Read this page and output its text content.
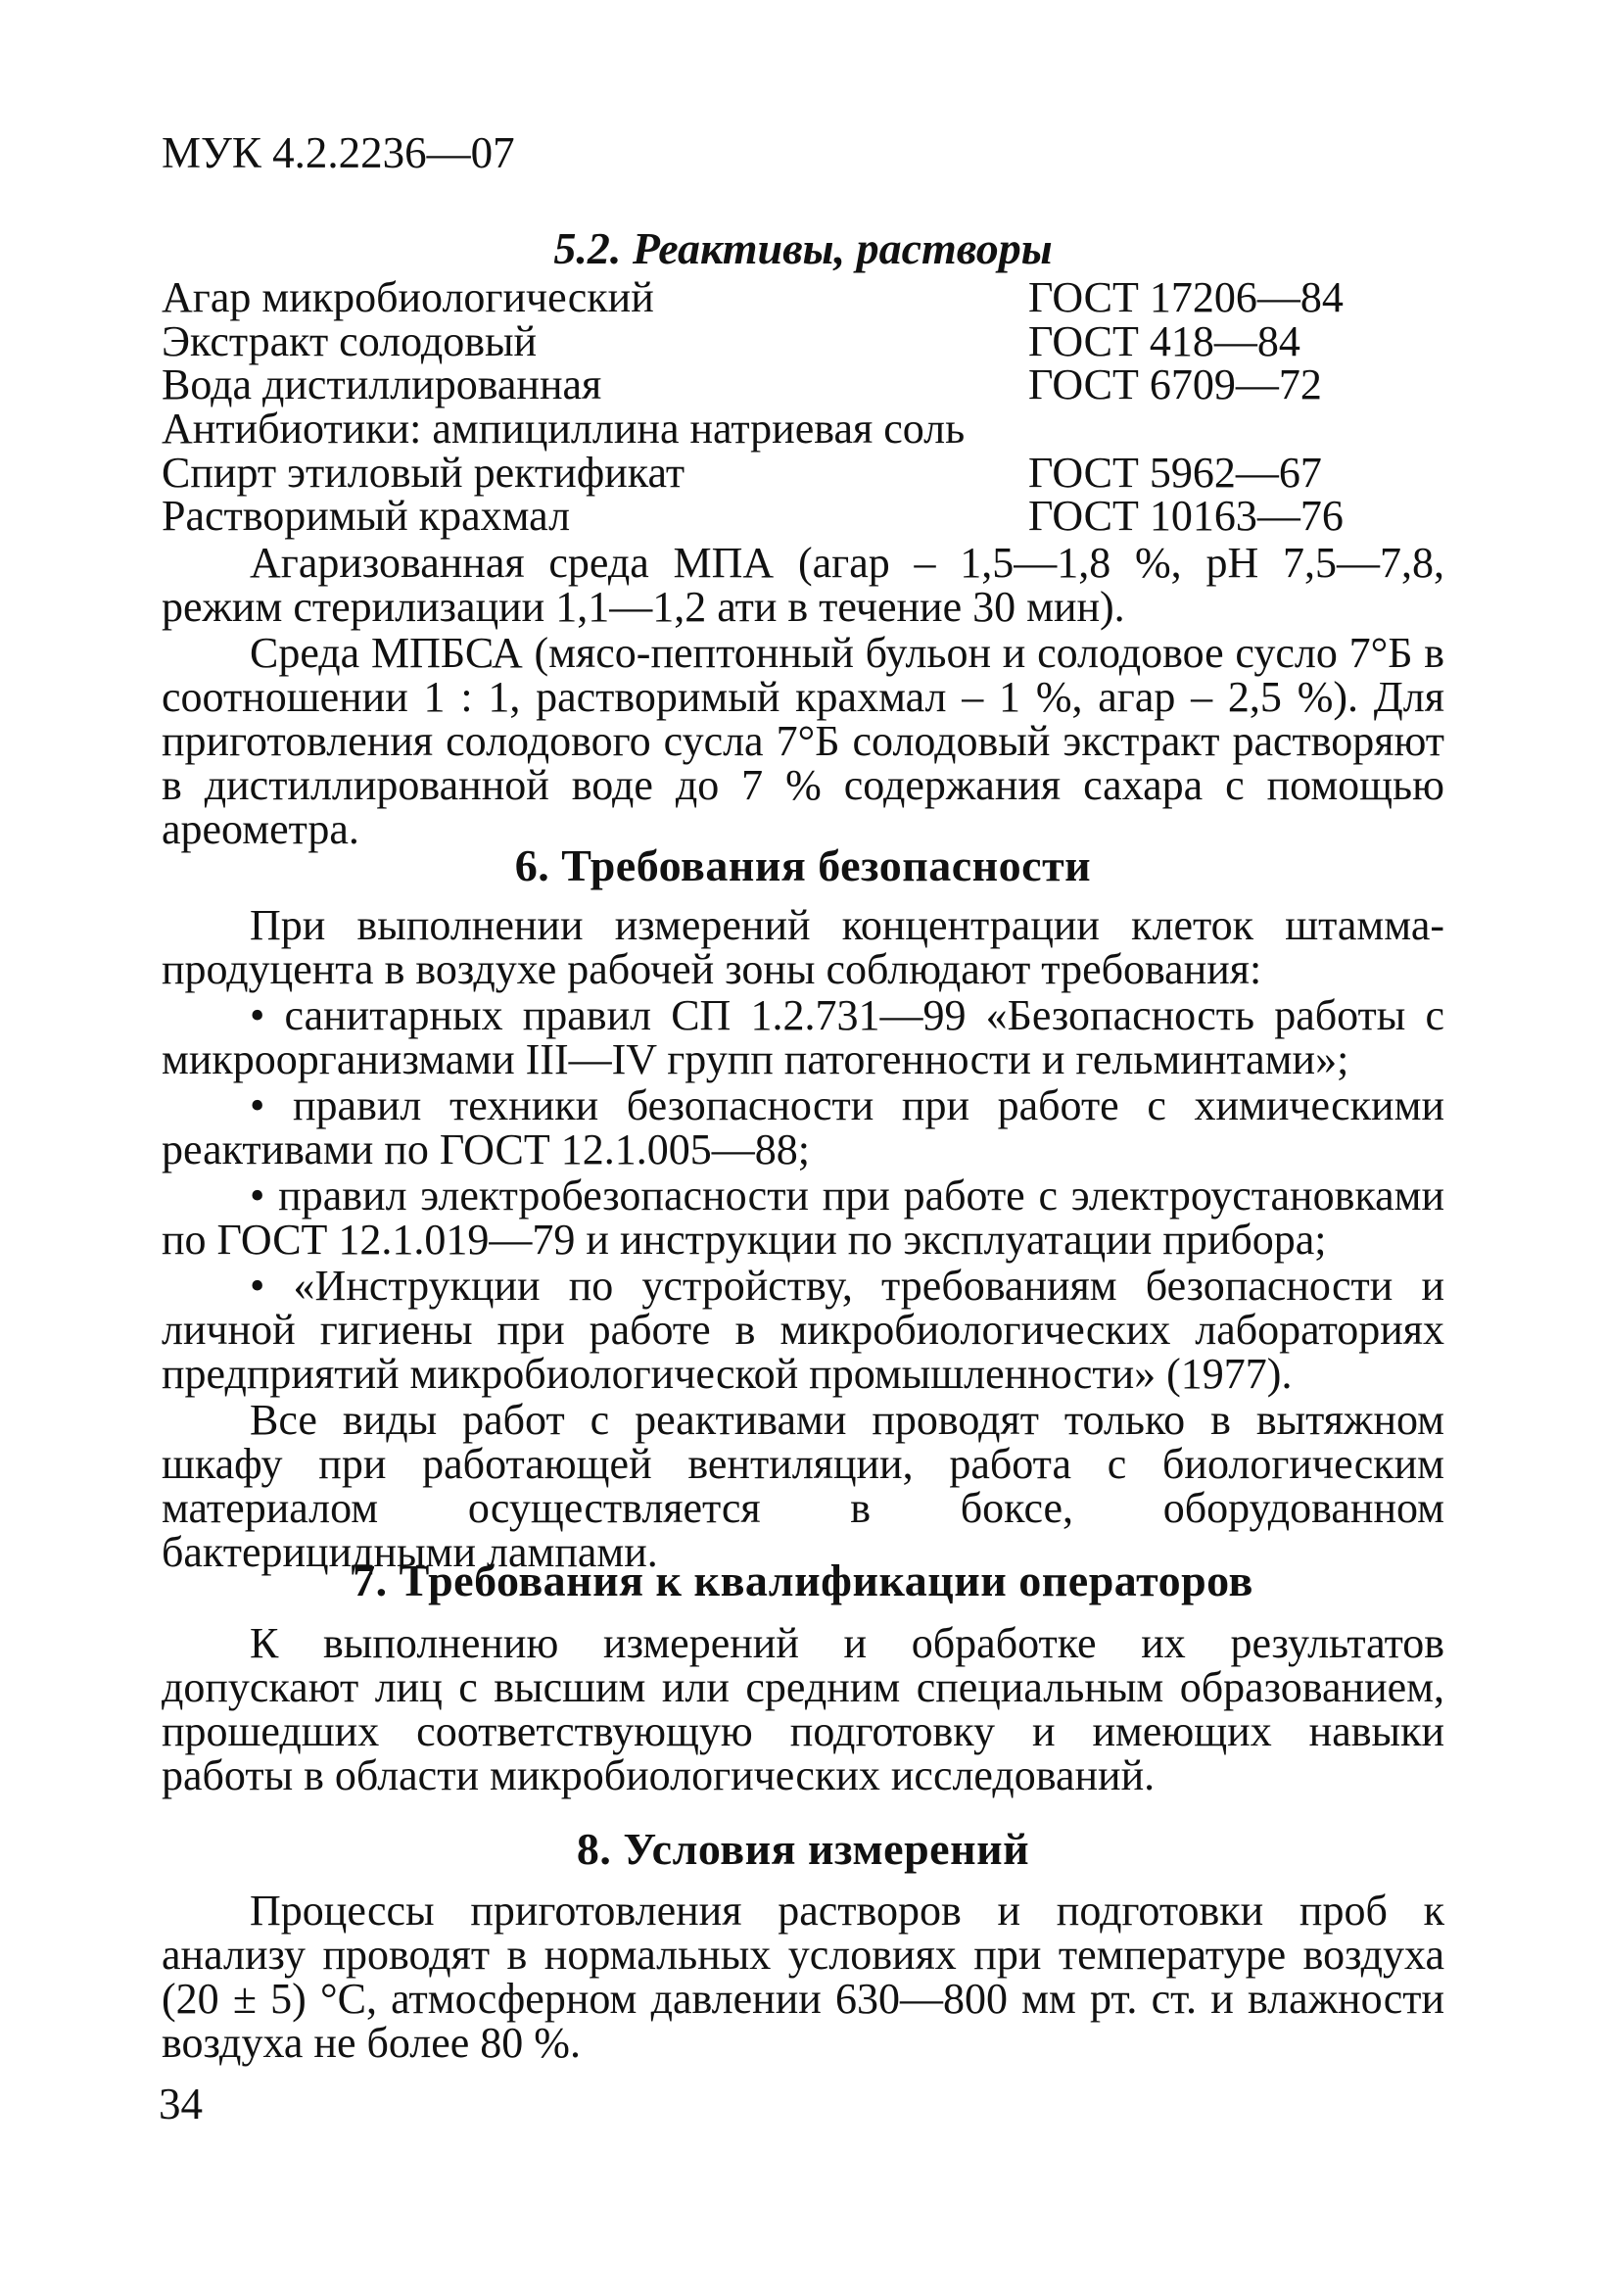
МУК 4.2.2236—07
5.2. Реактивы, растворы
Агар микробиологический	ГОСТ 17206—84
Экстракт солодовый	ГОСТ 418—84
Вода дистиллированная	ГОСТ 6709—72
Антибиотики: ампициллина натриевая соль
Спирт этиловый ректификат	ГОСТ 5962—67
Растворимый крахмал	ГОСТ 10163—76

Агаризованная среда МПА (агар – 1,5—1,8 %, рН 7,5—7,8, режим стерилизации 1,1—1,2 ати в течение 30 мин).

Среда МПБСА (мясо-пептонный бульон и солодовое сусло 7°Б в соотношении 1 : 1, растворимый крахмал – 1 %, агар – 2,5 %). Для приготовления солодового сусла 7°Б солодовый экстракт растворяют в дистиллированной воде до 7 % содержания сахара с помощью ареометра.

6. Требования безопасности

При выполнении измерений концентрации клеток штамма-продуцента в воздухе рабочей зоны соблюдают требования:

• санитарных правил СП 1.2.731—99 «Безопасность работы с микроорганизмами III—IV групп патогенности и гельминтами»;

• правил техники безопасности при работе с химическими реактивами по ГОСТ 12.1.005—88;

• правил электробезопасности при работе с электроустановками по ГОСТ 12.1.019—79 и инструкции по эксплуатации прибора;

• «Инструкции по устройству, требованиям безопасности и личной гигиены при работе в микробиологических лабораториях предприятий микробиологической промышленности» (1977).

Все виды работ с реактивами проводят только в вытяжном шкафу при работающей вентиляции, работа с биологическим материалом осуществляется в боксе, оборудованном бактерицидными лампами.

7. Требования к квалификации операторов

К выполнению измерений и обработке их результатов допускают лиц с высшим или средним специальным образованием, прошедших соответствующую подготовку и имеющих навыки работы в области микробиологических исследований.

8. Условия измерений

Процессы приготовления растворов и подготовки проб к анализу проводят в нормальных условиях при температуре воздуха (20 ± 5) °С, атмосферном давлении 630—800 мм рт. ст. и влажности воздуха не более 80 %.

34
